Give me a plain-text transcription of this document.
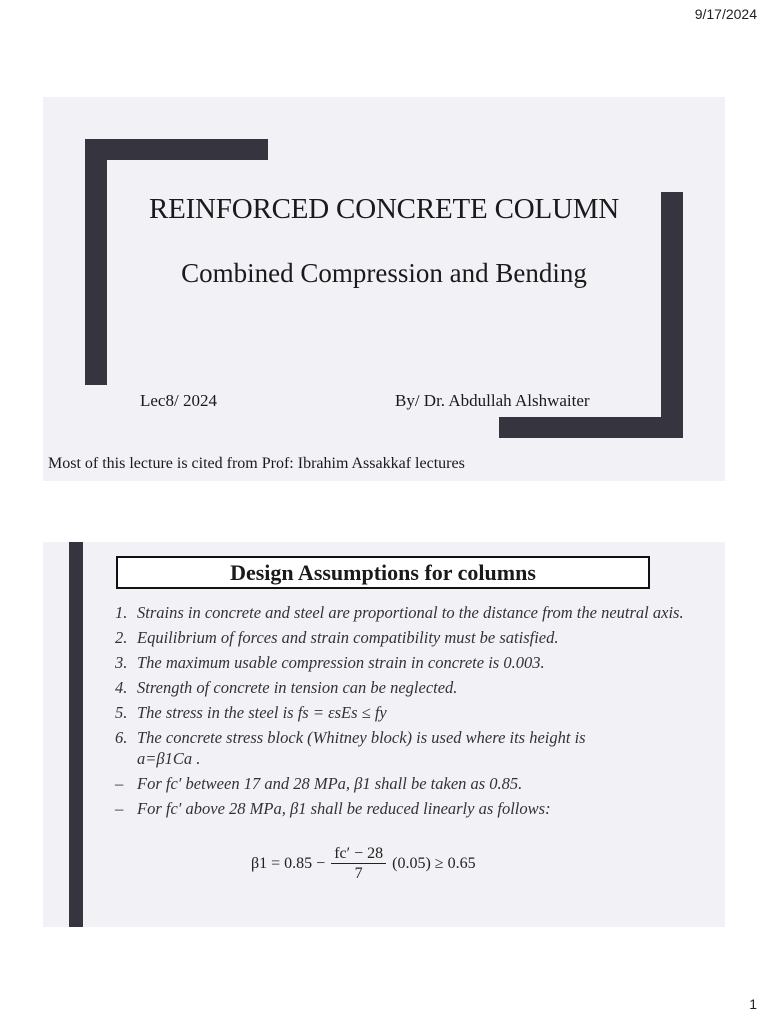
9/17/2024
REINFORCED CONCRETE COLUMN
Combined Compression and Bending
Lec8/ 2024	By/ Dr. Abdullah Alshwaiter
Most of this lecture is cited from Prof: Ibrahim Assakkaf lectures
Design Assumptions for columns
1. Strains in concrete and steel are proportional to the distance from the neutral axis.
2. Equilibrium of forces and strain compatibility must be satisfied.
3. The maximum usable compression strain in concrete is 0.003.
4. Strength of concrete in tension can be neglected.
5. The stress in the steel is fs = εsEs ≤ fy
6. The concrete stress block (Whitney block) is used where its height is
a=β1Ca .
– For fc′ between 17 and 28 MPa, β1 shall be taken as 0.85.
– For fc′ above 28 MPa, β1 shall be reduced linearly as follows:
$\beta 1 = 0.85 - \frac{fc' - 28}{7} (0.05) \ge 0.65$
1
